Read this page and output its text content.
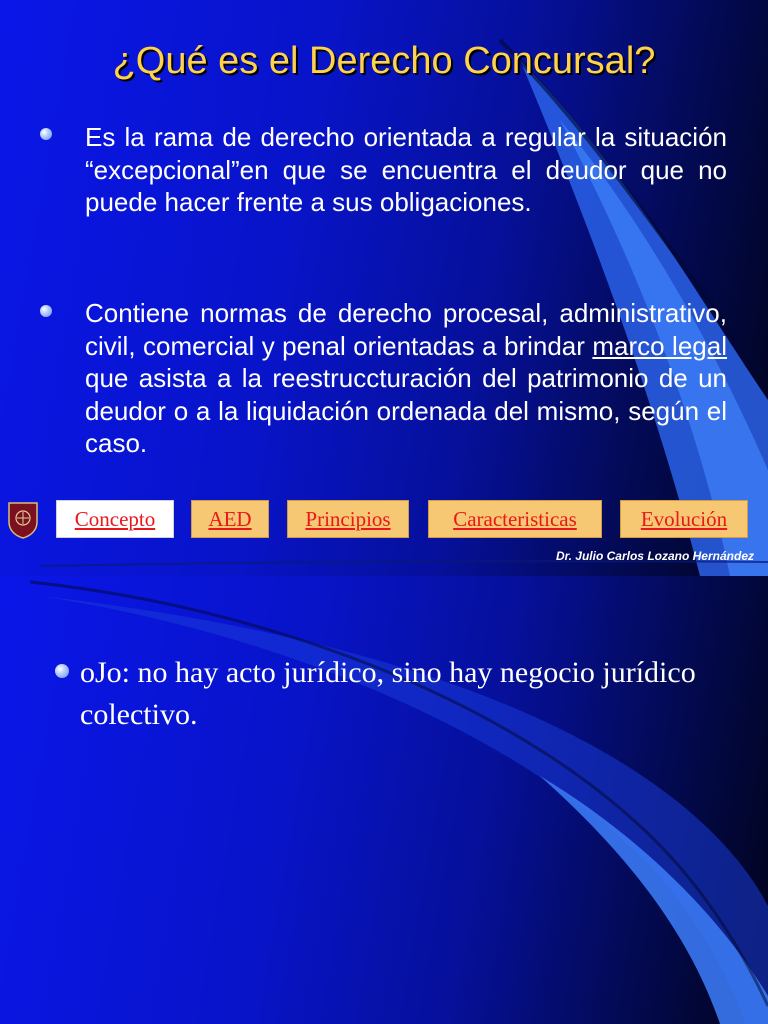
¿Qué es el Derecho Concursal?
Es la rama de derecho orientada a regular la situación “excepcional”en que se encuentra el deudor que no puede hacer frente a sus obligaciones.
Contiene normas de derecho procesal, administrativo, civil, comercial y penal orientadas a brindar marco legal que asista a la reestruccturación del patrimonio de un deudor o a la liquidación ordenada del mismo, según el caso.
Concepto	AED	Principios	Caracteristicas	Evolución
Dr. Julio Carlos Lozano Hernández
oJo: no hay acto jurídico, sino hay negocio jurídico colectivo.
